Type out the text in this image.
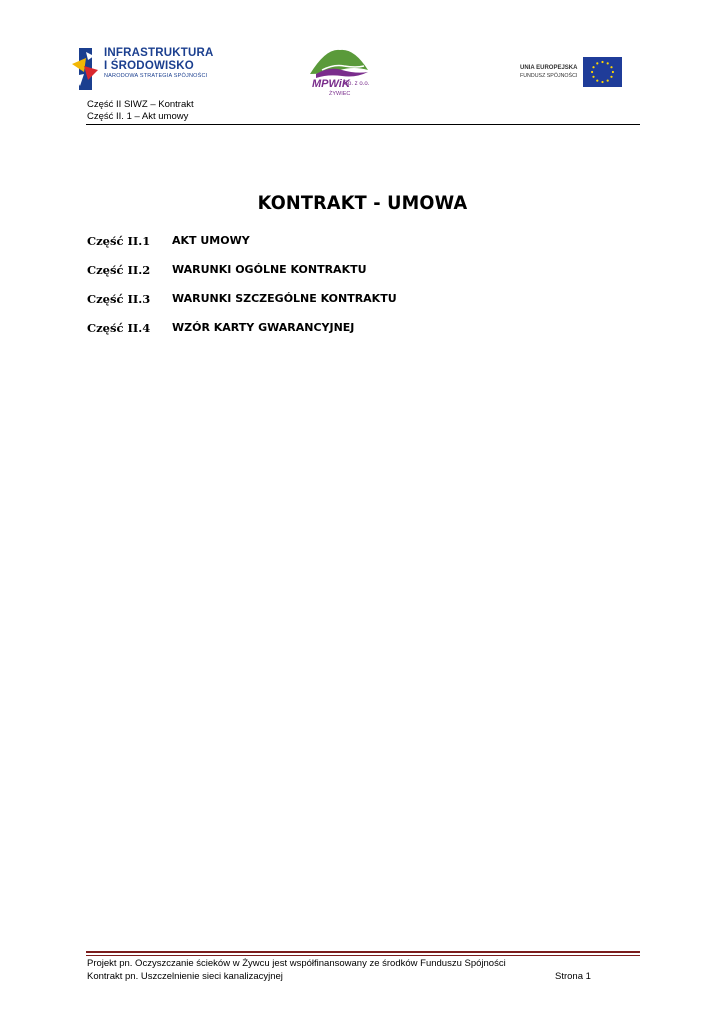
INFRASTRUKTURA
I ŚRODOWISKO
NARODOWA STRATEGIA SPÓJNOŚCI
MPWiK
Sp. z o.o.
ŻYWIEC
UNIA EUROPEJSKA
FUNDUSZ SPÓJNOŚCI
Część II SIWZ – Kontrakt
Część II. 1 – Akt umowy
KONTRAKT - UMOWA
Część II.1 AKT UMOWY
Część II.2 WARUNKI OGÓLNE KONTRAKTU
Część II.3 WARUNKI SZCZEGÓLNE KONTRAKTU
Część II.4 WZÓR KARTY GWARANCYJNEJ
Projekt pn. Oczyszczanie ścieków w Żywcu jest współfinansowany ze środków Funduszu Spójności
Kontrakt pn. Uszczelnienie sieci kanalizacyjnej	Strona 1
